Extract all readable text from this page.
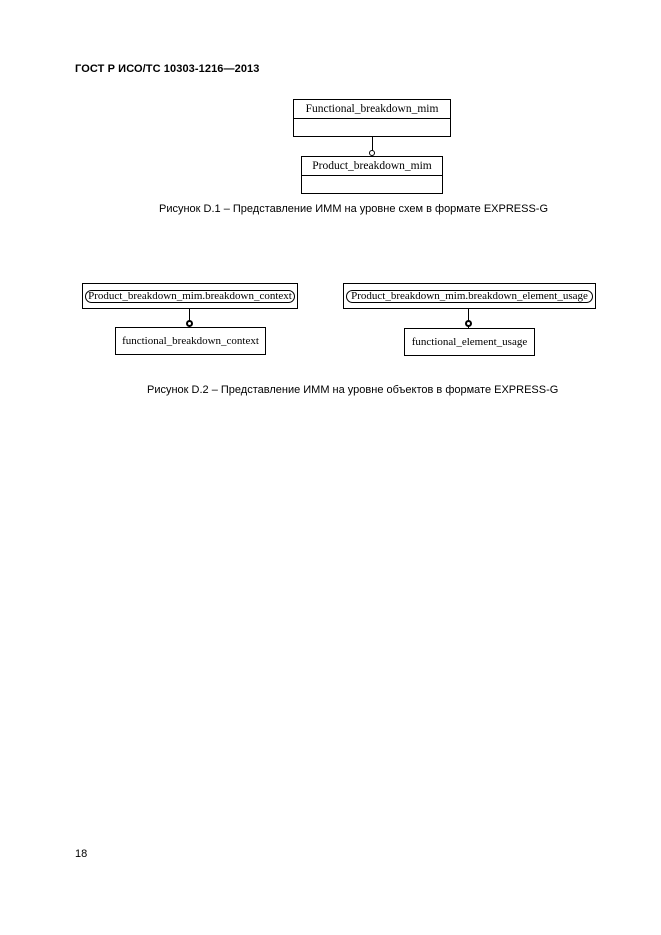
ГОСТ Р ИСО/ТС 10303-1216—2013
Functional_breakdown_mim
Product_breakdown_mim
Рисунок D.1 – Представление ИММ на уровне схем в формате EXPRESS-G
Product_breakdown_mim.breakdown_context
functional_breakdown_context
Product_breakdown_mim.breakdown_element_usage
functional_element_usage
Рисунок D.2 – Представление ИММ на уровне объектов в формате EXPRESS-G
18
